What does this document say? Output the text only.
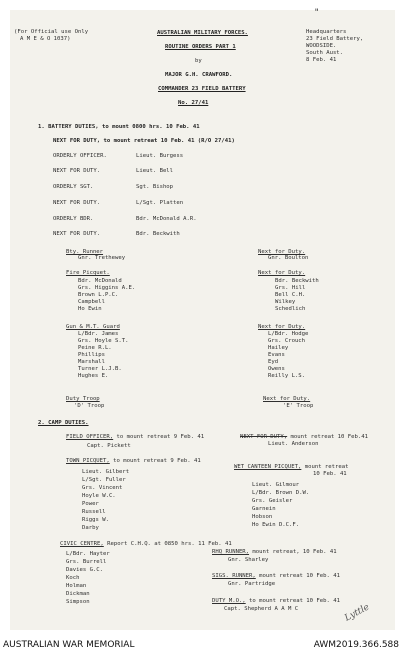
"
(For Official use Only
A M E & O 1037)
AUSTRALIAN MILITARY FORCES.
ROUTINE ORDERS PART 1
by
MAJOR G.H. CRAWFORD.
COMMANDER 23 FIELD BATTERY
No. 27/41
Headquarters
23 Field Battery,
WOODSIDE.
South Aust.
8 Feb. 41
1. BATTERY DUTIES, to mount 0800 hrs. 10 Feb. 41
NEXT FOR DUTY, to mount retreat 10 Feb. 41 (R/O 27/41)
ORDERLY OFFICER.	Lieut. Burgess
NEXT FOR DUTY.	Lieut. Bell
ORDERLY SGT.	Sgt. Bishop
NEXT FOR DUTY.	L/Sgt. Platten
ORDERLY BDR.	Bdr. McDonald A.R.
NEXT FOR DUTY.	Bdr. Beckwith
Bty. Runner
Gnr. Trethewey
Next for Duty.
Gnr. Boulton
Fire Picquet.
Bdr. McDonald
Grs. Higgins A.E.
Brown L.P.C.
Campbell
Ho Ewin
Next for Duty.
Bdr. Beckwith
Grs. Hill
Bell C.H.
Wilkey
Schedlich
Gun & M.T. Guard
L/Bdr. James
Grs. Hoyle S.T.
Peine R.L.
Phillips
Marshall
Turner L.J.B.
Hughes E.
Next for Duty.
L/Bdr. Hodge
Grs. Crouch
Hailey
Evans
Eyd
Owens
Reilly L.S.
Duty Troop
'D' Troop
Next for Duty.
'E' Troop
2. CAMP DUTIES.
FIELD OFFICER, to mount retreat 9 Feb. 41
Capt. Pickett
NEXT FOR DUTY, mount retreat 10 Feb.41
Lieut. Anderson
TOWN PICQUET, to mount retreat 9 Feb. 41
Lieut. Gilbert
L/Sgt. Fuller
Grs. Vincent
Hoyle W.C.
Power
Russell
Riggs W.
Darby
WET CANTEEN PICQUET, mount retreat
10 Feb. 41
Lieut. Gilmour
L/Bdr. Brown D.W.
Grs. Geisler
Garnein
Hobson
Ho Ewin D.C.F.
CIVIC CENTRE, Report C.H.Q. at 0850 hrs. 11 Feb. 41
L/Bdr. Hayter
Grs. Burrell
Davies G.C.
Koch
Holman
Dickman
Simpson
RHQ RUNNER, mount retreat, 10 Feb. 41
Gnr. Sharley
SIGS. RUNNER, mount retreat 10 Feb. 41
Gnr. Partridge
DUTY M.O., to mount retreat 10 Feb. 41
Capt. Shepherd A A M C	Lyttle
AUSTRALIAN WAR MEMORIAL	AWM2019.366.588
